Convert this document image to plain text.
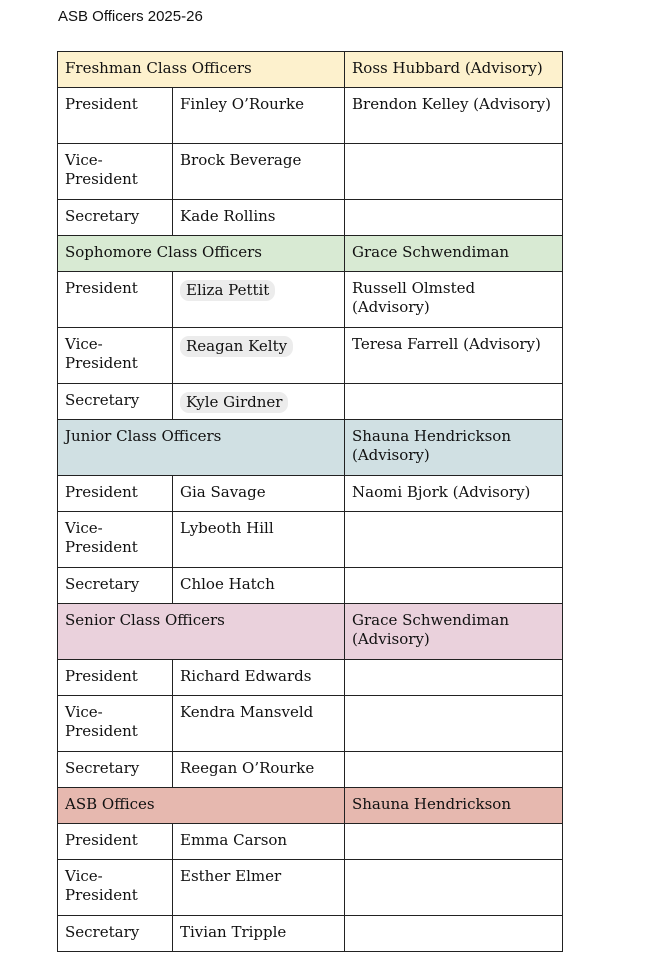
ASB Officers 2025-26
Freshman Class Officers		Ross Hubbard (Advisory)
President	Finley O’Rourke	Brendon Kelley (Advisory)
Vice-President	Brock Beverage	
Secretary	Kade Rollins	
Sophomore Class Officers		Grace Schwendiman
President	Eliza Pettit	Russell Olmsted (Advisory)
Vice-President	Reagan Kelty	Teresa Farrell (Advisory)
Secretary	Kyle Girdner	
Junior Class Officers		Shauna Hendrickson (Advisory)
President	Gia Savage	Naomi Bjork (Advisory)
Vice-President	Lybeoth Hill	
Secretary	Chloe Hatch	
Senior Class Officers		Grace Schwendiman (Advisory)
President	Richard Edwards	
Vice-President	Kendra Mansveld	
Secretary	Reegan O’Rourke	
ASB Offices		Shauna Hendrickson
President	Emma Carson	
Vice-President	Esther Elmer	
Secretary	Tivian Tripple	
